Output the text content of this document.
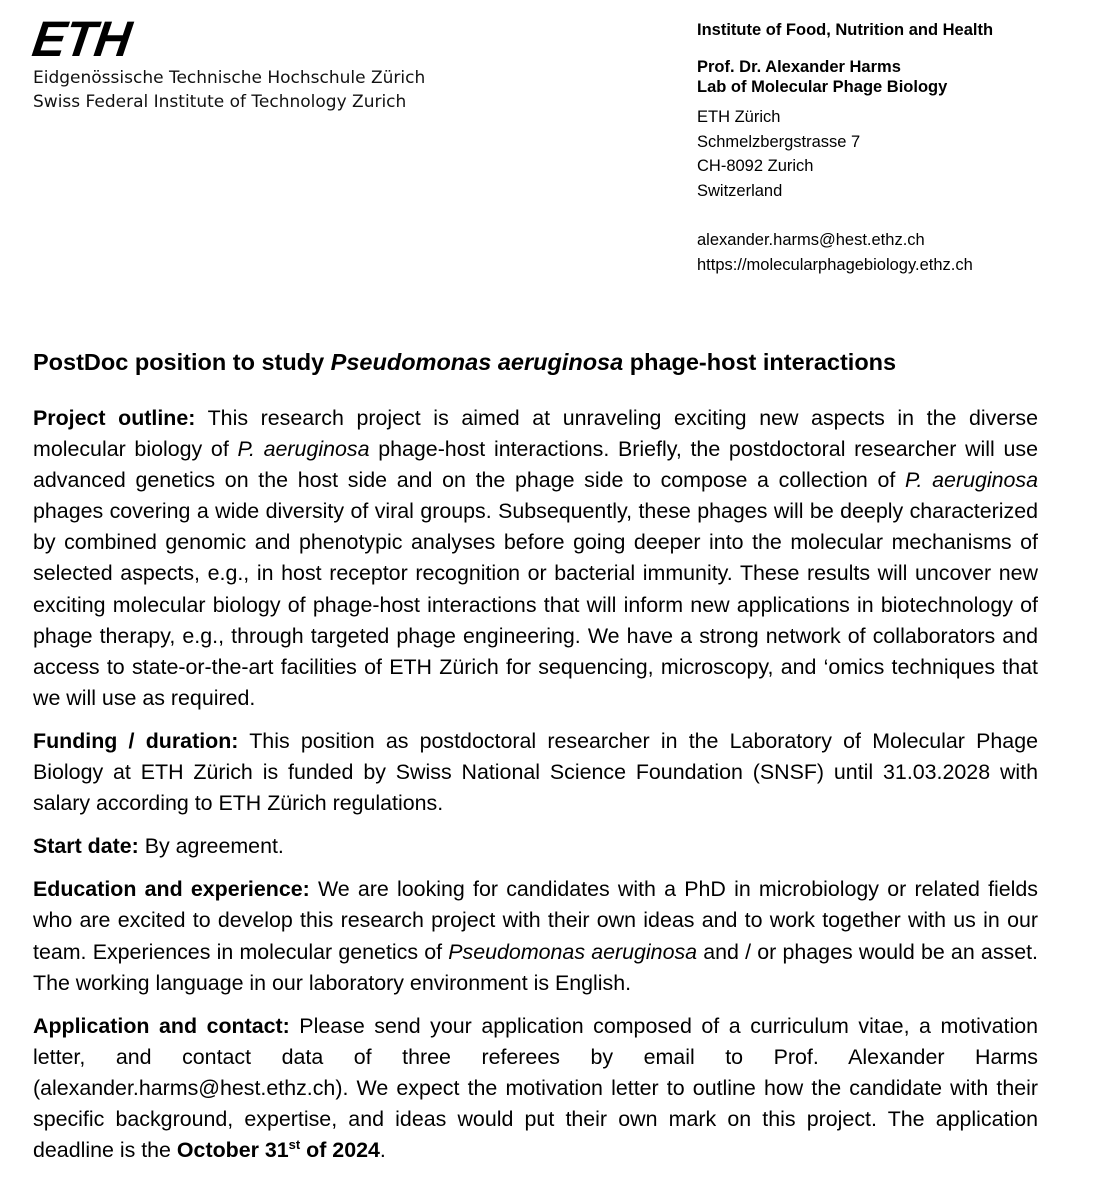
ETH
Eidgenössische Technische Hochschule Zürich
Swiss Federal Institute of Technology Zurich
Institute of Food, Nutrition and Health
Prof. Dr. Alexander Harms
Lab of Molecular Phage Biology
ETH Zürich
Schmelzbergstrasse 7
CH-8092 Zurich
Switzerland
alexander.harms@hest.ethz.ch
https://molecularphagebiology.ethz.ch
PostDoc position to study Pseudomonas aeruginosa phage-host interactions

Project outline: This research project is aimed at unraveling exciting new aspects in the diverse molecular biology of P. aeruginosa phage-host interactions. Briefly, the postdoctoral researcher will use advanced genetics on the host side and on the phage side to compose a collection of P. aeruginosa phages covering a wide diversity of viral groups. Subsequently, these phages will be deeply characterized by combined genomic and phenotypic analyses before going deeper into the molecular mechanisms of selected aspects, e.g., in host receptor recognition or bacterial immunity. These results will uncover new exciting molecular biology of phage-host interactions that will inform new applications in biotechnology of phage therapy, e.g., through targeted phage engineering. We have a strong network of collaborators and access to state-or-the-art facilities of ETH Zürich for sequencing, microscopy, and ‘omics techniques that we will use as required.

Funding / duration: This position as postdoctoral researcher in the Laboratory of Molecular Phage Biology at ETH Zürich is funded by Swiss National Science Foundation (SNSF) until 31.03.2028 with salary according to ETH Zürich regulations.

Start date: By agreement.

Education and experience: We are looking for candidates with a PhD in microbiology or related fields who are excited to develop this research project with their own ideas and to work together with us in our team. Experiences in molecular genetics of Pseudomonas aeruginosa and / or phages would be an asset. The working language in our laboratory environment is English.

Application and contact: Please send your application composed of a curriculum vitae, a motivation letter, and contact data of three referees by email to Prof. Alexander Harms (alexander.harms@hest.ethz.ch). We expect the motivation letter to outline how the candidate with their specific background, expertise, and ideas would put their own mark on this project. The application deadline is the October 31st of 2024.
